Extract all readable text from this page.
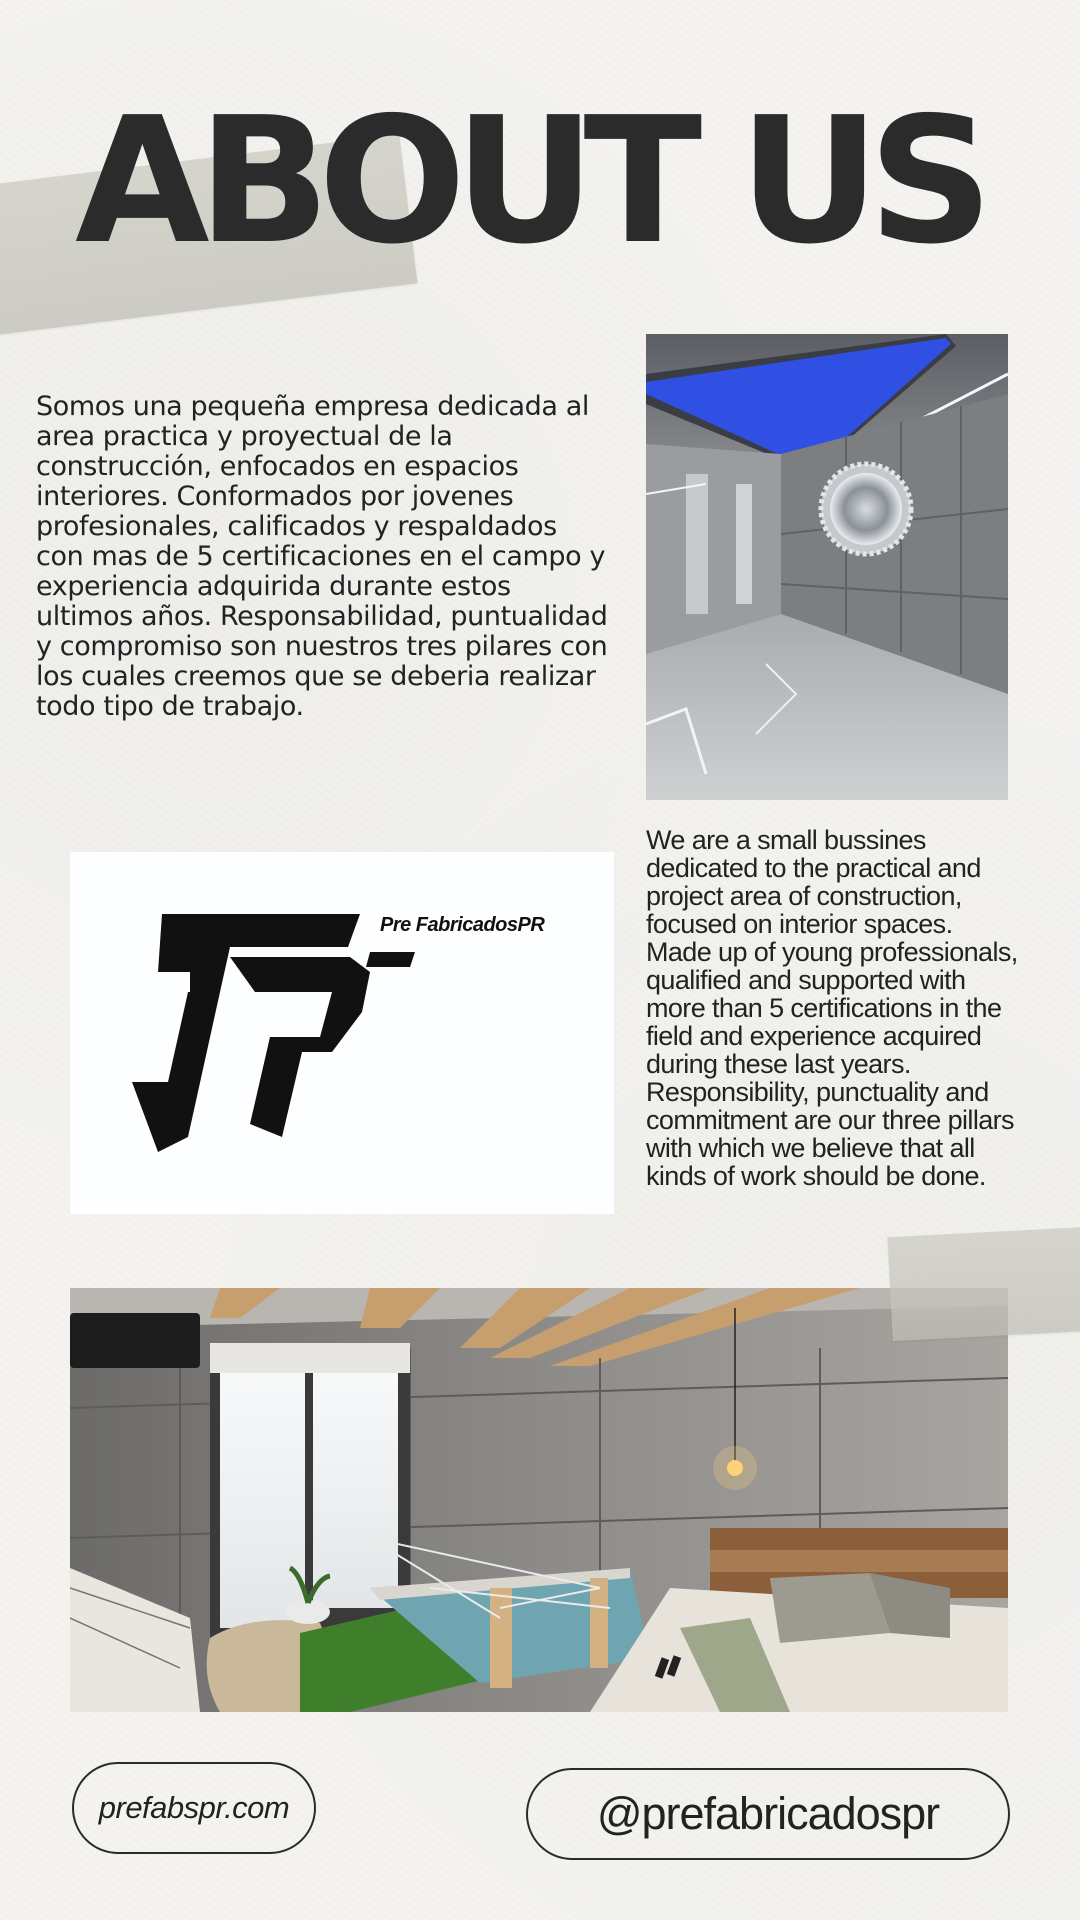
ABOUT US

Somos una pequeña empresa dedicada al area practica y proyectual de la construcción, enfocados en espacios interiores. Conformados por jovenes profesionales, calificados y respaldados con mas de 5 certificaciones en el campo y experiencia adquirida durante estos ultimos años. Responsabilidad, puntualidad y compromiso son nuestros tres pilares con los cuales creemos que se deberia realizar todo tipo de trabajo.

Pre FabricadosPR

We are a small bussines dedicated to the practical and project area of construction, focused on interior spaces. Made up of young professionals, qualified and supported with more than 5 certifications in the field and experience acquired during these last years. Responsibility, punctuality and commitment are our three pillars with which we believe that all kinds of work should be done.

prefabspr.com	@prefabricadospr
